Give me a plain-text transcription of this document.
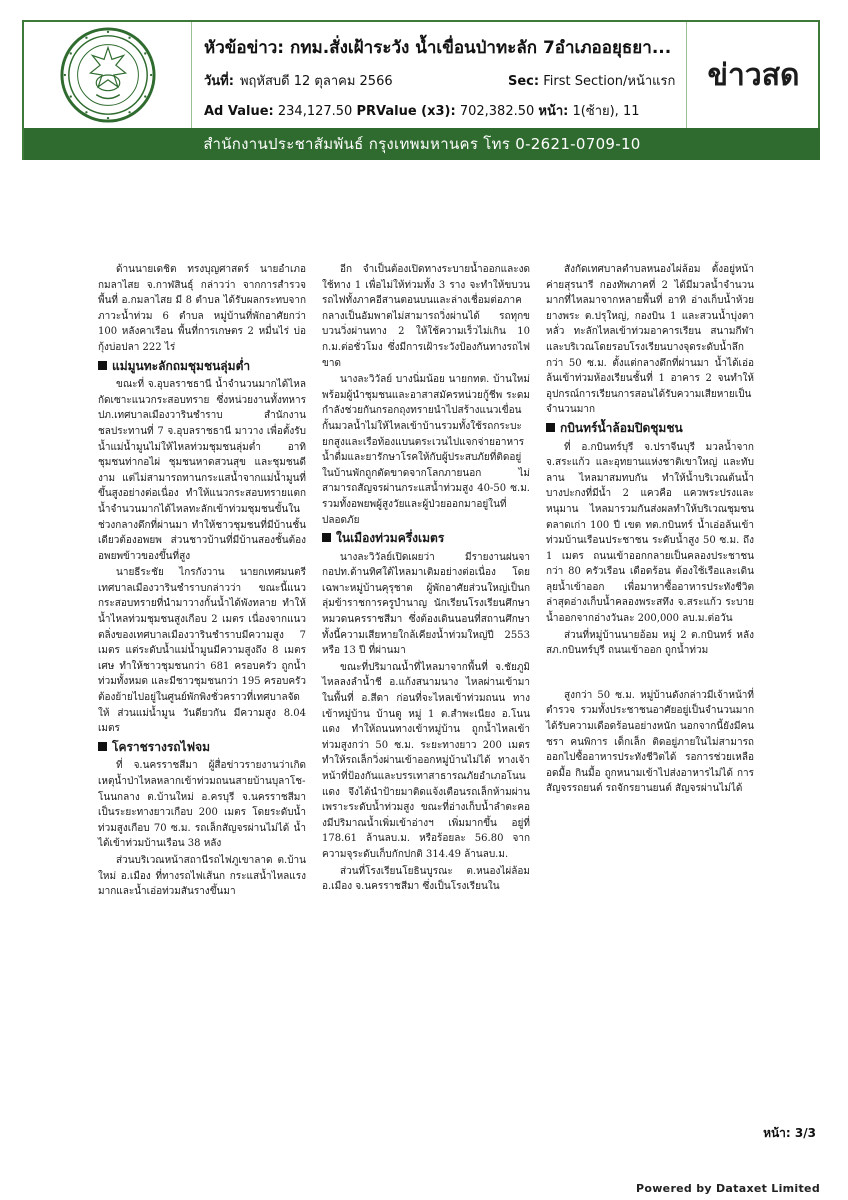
หัวข้อข่าว: กทม.สั่งเฝ้าระวัง น้ำเขื่อนป่าทะลัก 7อำเภออยุธยา...
วันที่: พฤหัสบดี 12 ตุลาคม 2566	Sec: First Section/หน้าแรก
Ad Value: 234,127.50 PRValue (x3): 702,382.50 หน้า: 1(ซ้าย), 11
ข่าวสด
สำนักงานประชาสัมพันธ์ กรุงเทพมหานคร โทร 0-2621-0709-10

ด้านนายเดชิต ทรงบุญศาสตร์ นายอำเภอกมลาไสย จ.กาฬสินธุ์ กล่าวว่า จากการสำรวจพื้นที่ อ.กมลาไสย มี 8 ตำบล ได้รับผลกระทบจากภาวะน้ำท่วม 6 ตำบล หมู่บ้านที่พักอาศัยกว่า 100 หลังคาเรือน พื้นที่การเกษตร 2 หมื่นไร่ บ่อกุ้งบ่อปลา 222 ไร่

แม่มูนทะลักถมชุมชนลุ่มต่ำ

ขณะที่ จ.อุบลราชธานี น้ำจำนวนมากได้ไหลกัดเซาะแนวกระสอบทราย ซึ่งหน่วยงานทั้งทหาร ปภ.เทศบาลเมืองวารินชำราบ สำนักงานชลประทานที่ 7 จ.อุบลราชธานี มาวาง เพื่อตั้งรับน้ำแม่น้ำมูนไม่ให้ไหลท่วมชุมชนลุ่มต่ำ อาทิ ชุมชนท่ากอไผ่ ชุมชนหาดสวนสุข และชุมชนดีงาม แต่ไม่สามารถทานกระแสน้ำจากแม่น้ำมูนที่ขึ้นสูงอย่างต่อเนื่อง ทำให้แนวกระสอบทรายแตก น้ำจำนวนมากได้ไหลทะลักเข้าท่วมชุมชนขั้นในช่วงกลางดึกที่ผ่านมา ทำให้ชาวชุมชนที่มีบ้านชั้นเดียวต้องอพยพ ส่วนชาวบ้านที่มีบ้านสองชั้นต้องอพยพข้าวของขึ้นที่สูง

นายธีระชัย ไกรกังวาน นายกเทศมนตรีเทศบาลเมืองวารินชำราบกล่าวว่า ขณะนี้แนวกระสอบทรายที่นำมาวางกั้นน้ำได้พังทลาย ทำให้น้ำไหลท่วมชุมชนสูงเกือบ 2 เมตร เนื่องจากแนวตลิ่งของเทศบาลเมืองวารินชำราบมีความสูง 7 เมตร แต่ระดับน้ำแม่น้ำมูนมีความสูงถึง 8 เมตรเศษ ทำให้ชาวชุมชนกว่า 681 ครอบครัว ถูกน้ำท่วมทั้งหมด และมีชาวชุมชนกว่า 195 ครอบครัว ต้องย้ายไปอยู่ในศูนย์พักพิงชั่วคราวที่เทศบาลจัดให้ ส่วนแม่น้ำมูน วันดียวกัน มีความสูง 8.04 เมตร

โคราชรางรถไฟจม

ที่ จ.นครราชสีมา ผู้สื่อข่าวรายงานว่าเกิดเหตุน้ำป่าไหลหลากเข้าท่วมถนนสายบ้านบุลาโช-โนนกลาง ต.บ้านใหม่ อ.ครบุรี จ.นครราชสีมา เป็นระยะทางยาวเกือบ 200 เมตร โดยระดับน้ำท่วมสูงเกือบ 70 ซ.ม. รถเล็กสัญจรผ่านไม่ได้ น้ำได้เข้าท่วมบ้านเรือน 38 หลัง

ส่วนบริเวณหน้าสถานีรถไฟภูเขาลาด ต.บ้านใหม่ อ.เมือง ที่ทางรถไฟเส้นก กระแสน้ำไหลแรงมากและน้ำเอ่อท่วมสันรางขึ้นมา

อีก จำเป็นต้องเปิดทางระบายน้ำออกและงดใช้ทาง 1 เพื่อไม่ให้ท่วมทั้ง 3 ราง จะทำให้ขบวนรถไฟทั้งภาคอีสานตอนบนและล่างเชื่อมต่อภาคกลางเป็นอัมพาตไม่สามารถวิ่งผ่านได้ รถทุกขบวนวิ่งผ่านทาง 2 ให้ใช้ความเร็วไม่เกิน 10 ก.ม.ต่อชั่วโมง ซึ่งมีการเฝ้าระวังป้องกันทางรถไฟขาด

นางละวิวัลย์ บางนิ่มน้อย นายกทต. บ้านใหม่ พร้อมผู้นำชุมชนและอาสาสมัครหน่วยกู้ชีพ ระดมกำลังช่วยกันกรอกถุงทรายนำไปสร้างแนวเขื่อนกั้นมวลน้ำไม่ให้ไหลเข้าบ้านรวมทั้งใช้รถกระบะยกสูงและเรือท้องแบนตระเวนไปแจกจ่ายอาหารน้ำดื่มและยารักษาโรคให้กับผู้ประสบภัยที่ติดอยู่ในบ้านพักถูกตัดขาดจากโลกภายนอก ไม่สามารถสัญจรผ่านกระแสน้ำท่วมสูง 40-50 ซ.ม. รวมทั้งอพยพผู้สูงวัยและผู้ป่วยออกมาอยู่ในที่ปลอดภัย

ในเมืองท่วมครึ่งเมตร

นางละวิวัลย์เปิดเผยว่า มีรายงานฝนจากอปท.ด้านทิศใต้ไหลมาเติมอย่างต่อเนื่อง โดยเฉพาะหมู่บ้านคุรุชาต ผู้พักอาศัยส่วนใหญ่เป็นกลุ่มข้าราชการครูบำนาญ นักเรียนโรงเรียนศึกษาหมวดนครราชสีมา ซึ่งต้องเดินนอนที่สถานศึกษา ทั้งนี้ความเสียหายใกล้เคียงน้ำท่วมใหญ่ปี 2553 หรือ 13 ปี ที่ผ่านมา

ขณะที่ปริมาณน้ำที่ไหลมาจากพื้นที่ จ.ชัยภูมิ ไหลลงลำน้ำชี อ.แก้งสนามนาง ไหลผ่านเข้ามาในพื้นที่ อ.สีดา ก่อนที่จะไหลเข้าท่วมถนน ทางเข้าหมู่บ้าน บ้านดู หมู่ 1 ต.สำพะเนียง อ.โนนแดง ทำให้ถนนทางเข้าหมู่บ้าน ถูกน้ำไหลเข้าท่วมสูงกว่า 50 ซ.ม. ระยะทางยาว 200 เมตร ทำให้รถเล็กวิ่งผ่านเข้าออกหมู่บ้านไม่ได้ ทางเจ้าหน้าที่ป้องกันและบรรเทาสาธารณภัยอำเภอโนนแดง จึงได้นำป้ายมาติดแจ้งเตือนรถเล็กห้ามผ่าน เพราะระดับน้ำท่วมสูง ขณะที่อ่างเก็บน้ำลำตะคองมีปริมาณน้ำเพิ่มเข้าอ่างฯ เพิ่มมากขึ้น อยู่ที่ 178.61 ล้านลบ.ม. หรือร้อยละ 56.80 จากความจุระดับเก็บกักปกติ 314.49 ล้านลบ.ม.

ส่วนที่โรงเรียนโยธินบูรณะ ต.หนองไผ่ล้อม อ.เมือง จ.นครราชสีมา ซึ่งเป็นโรงเรียนใน

สังกัดเทศบาลตำบลหนองไผ่ล้อม ตั้งอยู่หน้าค่ายสุรนารี กองทัพภาคที่ 2 ได้มีมวลน้ำจำนวนมากที่ไหลมาจากหลายพื้นที่ อาทิ อ่างเก็บน้ำห้วยยางพระ ต.ปรุใหญ่, กองบิน 1 และสวนน้ำบุ่งตาหลั่ว ทะลักไหลเข้าท่วมอาคารเรียน สนามกีฬา และบริเวณโดยรอบโรงเรียนบางจุดระดับน้ำลึกกว่า 50 ซ.ม. ตั้งแต่กลางดึกที่ผ่านมา น้ำได้เอ่อล้นเข้าท่วมห้องเรียนชั้นที่ 1 อาคาร 2 จนทำให้อุปกรณ์การเรียนการสอนได้รับความเสียหายเป็นจำนวนมาก

กบินทร์น้ำล้อมปิดชุมชน

ที่ อ.กบินทร์บุรี จ.ปราจีนบุรี มวลน้ำจาก จ.สระแก้ว และอุทยานแห่งชาติเขาใหญ่ และทับลาน ไหลมาสมทบกัน ทำให้น้ำบริเวณต้นน้ำบางปะกงที่มีน้ำ 2 แควคือ แควพระปรงและหนุมาน ไหลมารวมกันส่งผลทำให้บริเวณชุมชนตลาดเก่า 100 ปี เขต ทต.กบินทร์ น้ำเอ่อล้นเข้าท่วมบ้านเรือนประชาชน ระดับน้ำสูง 50 ซ.ม. ถึง 1 เมตร ถนนเข้าออกกลายเป็นคลองประชาชนกว่า 80 ครัวเรือน เดือดร้อน ต้องใช้เรือและเดินลุยน้ำเข้าออก เพื่อมาหาซื้ออาหารประทังชีวิต ล่าสุดอ่างเก็บน้ำคลองพระสทึง จ.สระแก้ว ระบายน้ำออกจากอ่างวันละ 200,000 ลบ.ม.ต่อวัน

ส่วนที่หมู่บ้านนายอ้อม หมู่ 2 ต.กบินทร์ หลัง สภ.กบินทร์บุรี ถนนเข้าออก ถูกน้ำท่วม

สูงกว่า 50 ซ.ม. หมู่บ้านดังกล่าวมีเจ้าหน้าที่ตำรวจ รวมทั้งประชาชนอาศัยอยู่เป็นจำนวนมาก ได้รับความเดือดร้อนอย่างหนัก นอกจากนี้ยังมีคนชรา คนพิการ เด็กเล็ก ติดอยู่ภายในไม่สามารถออกไปซื้ออาหารประทังชีวิตได้ รอการช่วยเหลือ อดมื้อ กินมื้อ ถูกหนามเข้าไปส่งอาหารไม่ได้ การสัญจรรถยนต์ รถจักรยานยนต์ สัญจรผ่านไม่ได้

หน้า: 3/3
Powered by Dataxet Limited
